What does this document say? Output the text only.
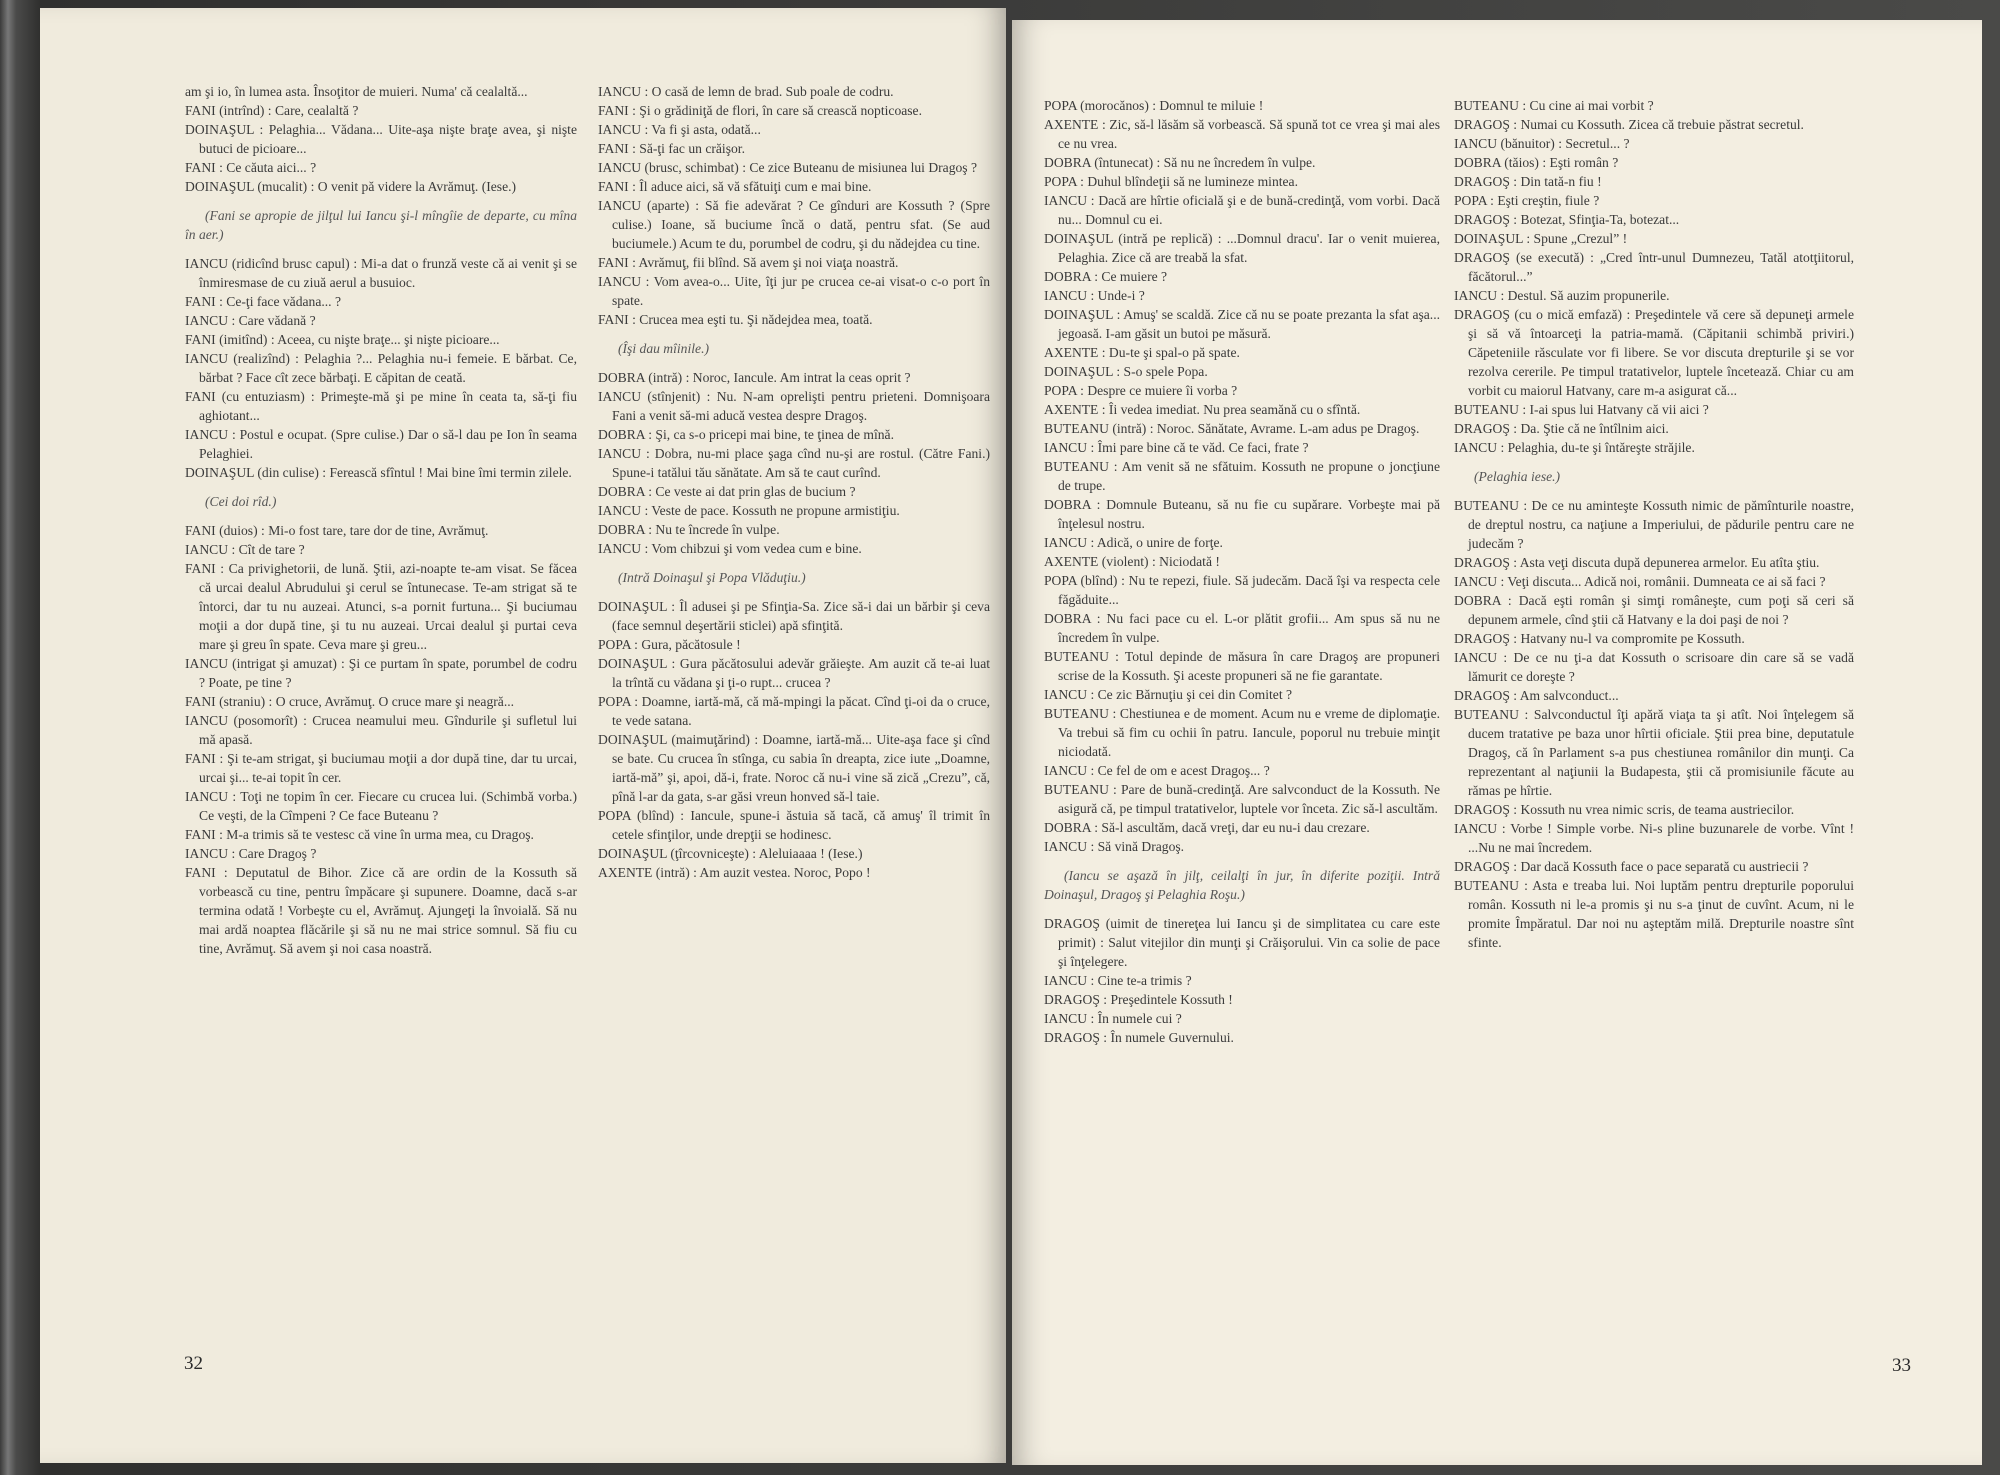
am şi io, în lumea asta. Însoţitor de muieri. Numa' că cealaltă...

FANI (intrînd) : Care, cealaltă ?

DOINAŞUL : Pelaghia... Vădana... Uite-aşa nişte braţe avea, şi nişte butuci de picioare...

FANI : Ce căuta aici... ?

DOINAŞUL (mucalit) : O venit pă videre la Avrămuţ. (Iese.)

(Fani se apropie de jilţul lui Iancu şi-l mîngîie de departe, cu mîna în aer.)

IANCU (ridicînd brusc capul) : Mi-a dat o frunză veste că ai venit şi se înmiresmase de cu ziuă aerul a busuioc.

FANI : Ce-ţi face vădana... ?

IANCU : Care vădană ?

FANI (imitînd) : Aceea, cu nişte braţe... şi nişte picioare...

IANCU (realizînd) : Pelaghia ?... Pelaghia nu-i femeie. E bărbat. Ce, bărbat ? Face cît zece bărbaţi. E căpitan de ceată.

FANI (cu entuziasm) : Primeşte-mă şi pe mine în ceata ta, să-ţi fiu aghiotant...

IANCU : Postul e ocupat. (Spre culise.) Dar o să-l dau pe Ion în seama Pelaghiei.

DOINAŞUL (din culise) : Ferească sfîntul ! Mai bine îmi termin zilele.

(Cei doi rîd.)

FANI (duios) : Mi-o fost tare, tare dor de tine, Avrămuţ.

IANCU : Cît de tare ?

FANI : Ca privighetorii, de lună. Ştii, azi-noapte te-am visat. Se făcea că urcai dealul Abrudului şi cerul se întunecase. Te-am strigat să te întorci, dar tu nu auzeai. Atunci, s-a pornit furtuna... Şi buciumau moţii a dor după tine, şi tu nu auzeai. Urcai dealul şi purtai ceva mare şi greu în spate. Ceva mare şi greu...

IANCU (intrigat şi amuzat) : Şi ce purtam în spate, porumbel de codru ? Poate, pe tine ?

FANI (straniu) : O cruce, Avrămuţ. O cruce mare şi neagră...

IANCU (posomorît) : Crucea neamului meu. Gîndurile şi sufletul lui mă apasă.

FANI : Şi te-am strigat, şi buciumau moţii a dor după tine, dar tu urcai, urcai şi... te-ai topit în cer.

IANCU : Toţi ne topim în cer. Fiecare cu crucea lui. (Schimbă vorba.) Ce veşti, de la Cîmpeni ? Ce face Buteanu ?

FANI : M-a trimis să te vestesc că vine în urma mea, cu Dragoş.

IANCU : Care Dragoş ?

FANI : Deputatul de Bihor. Zice că are ordin de la Kossuth să vorbească cu tine, pentru împăcare şi supunere. Doamne, dacă s-ar termina odată ! Vorbeşte cu el, Avrămuţ. Ajungeţi la învoială. Să nu mai ardă noaptea flăcările şi să nu ne mai strice somnul. Să fiu cu tine, Avrămuţ. Să avem şi noi casa noastră.

IANCU : O casă de lemn de brad. Sub poale de codru.

FANI : Şi o grădiniţă de flori, în care să crească nopticoase.

IANCU : Va fi şi asta, odată...

FANI : Să-ţi fac un crăişor.

IANCU (brusc, schimbat) : Ce zice Buteanu de misiunea lui Dragoş ?

FANI : Îl aduce aici, să vă sfătuiţi cum e mai bine.

IANCU (aparte) : Să fie adevărat ? Ce gînduri are Kossuth ? (Spre culise.) Ioane, să buciume încă o dată, pentru sfat. (Se aud buciumele.) Acum te du, porumbel de codru, şi du nădejdea cu tine.

FANI : Avrămuţ, fii blînd. Să avem şi noi viaţa noastră.

IANCU : Vom avea-o... Uite, îţi jur pe crucea ce-ai visat-o c-o port în spate.

FANI : Crucea mea eşti tu. Şi nădejdea mea, toată.

(Îşi dau mîinile.)

DOBRA (intră) : Noroc, Iancule. Am intrat la ceas oprit ?

IANCU (stînjenit) : Nu. N-am oprelişti pentru prieteni. Domnişoara Fani a venit să-mi aducă vestea despre Dragoş.

DOBRA : Şi, ca s-o pricepi mai bine, te ţinea de mînă.

IANCU : Dobra, nu-mi place şaga cînd nu-şi are rostul. (Către Fani.) Spune-i tatălui tău sănătate. Am să te caut curînd.

DOBRA : Ce veste ai dat prin glas de bucium ?

IANCU : Veste de pace. Kossuth ne propune armistiţiu.

DOBRA : Nu te încrede în vulpe.

IANCU : Vom chibzui şi vom vedea cum e bine.

(Intră Doinaşul şi Popa Vlăduţiu.)

DOINAŞUL : Îl adusei şi pe Sfinţia-Sa. Zice să-i dai un bărbir şi ceva (face semnul deşertării sticlei) apă sfinţită.

POPA : Gura, păcătosule !

DOINAŞUL : Gura păcătosului adevăr grăieşte. Am auzit că te-ai luat la trîntă cu vădana şi ţi-o rupt... crucea ?

POPA : Doamne, iartă-mă, că mă-mpingi la păcat. Cînd ţi-oi da o cruce, te vede satana.

DOINAŞUL (maimuţărind) : Doamne, iartă-mă... Uite-aşa face şi cînd se bate. Cu crucea în stînga, cu sabia în dreapta, zice iute „Doamne, iartă-mă” şi, apoi, dă-i, frate. Noroc că nu-i vine să zică „Crezu”, că, pînă l-ar da gata, s-ar găsi vreun honved să-l taie.

POPA (blînd) : Iancule, spune-i ăstuia să tacă, că amuş' îl trimit în cetele sfinţilor, unde drepţii se hodinesc.

DOINAŞUL (ţîrcovnicеşte) : Aleluiaaaa ! (Iese.)

AXENTE (intră) : Am auzit vestea. Noroc, Popo !

32

POPA (morocănos) : Domnul te miluie !

AXENTE : Zic, să-l lăsăm să vorbească. Să spună tot ce vrea şi mai ales ce nu vrea.

DOBRA (întunecat) : Să nu ne încredem în vulpe.

POPA : Duhul blîndeţii să ne lumineze mintea.

IANCU : Dacă are hîrtie oficială şi e de bună-credinţă, vom vorbi. Dacă nu... Domnul cu ei.

DOINAŞUL (intră pe replică) : ...Domnul dracu'. Iar o venit muierea, Pelaghia. Zice că are treabă la sfat.

DOBRA : Ce muiere ?

IANCU : Unde-i ?

DOINAŞUL : Amuş' se scaldă. Zice că nu se poate prezanta la sfat aşa... jegoasă. I-am găsit un butoi pe măsură.

AXENTE : Du-te şi spal-o pă spate.

DOINAŞUL : S-o spele Popa.

POPA : Despre ce muiere îi vorba ?

AXENTE : Îi vedea imediat. Nu prea seamănă cu o sfîntă.

BUTEANU (intră) : Noroc. Sănătate, Avrame. L-am adus pe Dragoş.

IANCU : Îmi pare bine că te văd. Ce faci, frate ?

BUTEANU : Am venit să ne sfătuim. Kossuth ne propune o joncţiune de trupe.

DOBRA : Domnule Buteanu, să nu fie cu supărare. Vorbeşte mai pă înţelesul nostru.

IANCU : Adică, o unire de forţe.

AXENTE (violent) : Niciodată !

POPA (blînd) : Nu te repezi, fiule. Să judecăm. Dacă îşi va respecta cele făgăduite...

DOBRA : Nu faci pace cu el. L-or plătit grofii... Am spus să nu ne încredem în vulpe.

BUTEANU : Totul depinde de măsura în care Dragoş are propuneri scrise de la Kossuth. Şi aceste propuneri să ne fie garantate.

IANCU : Ce zic Bărnuţiu şi cei din Comitet ?

BUTEANU : Chestiunea e de moment. Acum nu e vreme de diplomaţie. Va trebui să fim cu ochii în patru. Iancule, poporul nu trebuie minţit niciodată.

IANCU : Ce fel de om e acest Dragoş... ?

BUTEANU : Pare de bună-credinţă. Are salvconduct de la Kossuth. Ne asigură că, pe timpul tratativelor, luptele vor înceta. Zic să-l ascultăm.

DOBRA : Să-l ascultăm, dacă vreţi, dar eu nu-i dau crezare.

IANCU : Să vină Dragoş.

(Iancu se aşază în jilţ, ceilalţi în jur, în diferite poziţii. Intră Doinaşul, Dragoş şi Pelaghia Roşu.)

DRAGOŞ (uimit de tinereţea lui Iancu şi de simplitatea cu care este primit) : Salut vitejilor din munţi şi Crăişorului. Vin ca solie de pace şi înţelegere.

IANCU : Cine te-a trimis ?

DRAGOŞ : Preşedintele Kossuth !

IANCU : În numele cui ?

DRAGOŞ : În numele Guvernului.

BUTEANU : Cu cine ai mai vorbit ?

DRAGOŞ : Numai cu Kossuth. Zicea că trebuie păstrat secretul.

IANCU (bănuitor) : Secretul... ?

DOBRA (tăios) : Eşti român ?

DRAGOŞ : Din tată-n fiu !

POPA : Eşti creştin, fiule ?

DRAGOŞ : Botezat, Sfinţia-Ta, botezat...

DOINAŞUL : Spune „Crezul” !

DRAGOŞ (se execută) : „Cred într-unul Dumnezeu, Tatăl atotţiitorul, făcătorul...”

IANCU : Destul. Să auzim propunerile.

DRAGOŞ (cu o mică emfază) : Preşedintele vă cere să depuneţi armele şi să vă întoarceţi la patria-mamă. (Căpitanii schimbă priviri.) Căpeteniile răsculate vor fi libere. Se vor discuta drepturile şi se vor rezolva cererile. Pe timpul tratativelor, luptele încetează. Chiar cu am vorbit cu maiorul Hatvany, care m-a asigurat că...

BUTEANU : I-ai spus lui Hatvany că vii aici ?

DRAGOŞ : Da. Ştie că ne întîlnim aici.

IANCU : Pelaghia, du-te şi întăreşte străjile.

(Pelaghia iese.)

BUTEANU : De ce nu aminteşte Kossuth nimic de pămînturile noastre, de dreptul nostru, ca naţiune a Imperiului, de pădurile pentru care ne judecăm ?

DRAGOŞ : Asta veţi discuta după depunerea armelor. Eu atîta ştiu.

IANCU : Veţi discuta... Adică noi, românii. Dumneata ce ai să faci ?

DOBRA : Dacă eşti român şi simţi româneşte, cum poţi să ceri să depunem armele, cînd ştii că Hatvany e la doi paşi de noi ?

DRAGOŞ : Hatvany nu-l va compromite pe Kossuth.

IANCU : De ce nu ţi-a dat Kossuth o scrisoare din care să se vadă lămurit ce doreşte ?

DRAGOŞ : Am salvconduct...

BUTEANU : Salvconductul îţi apără viaţa ta şi atît. Noi înţelegem să ducem tratative pe baza unor hîrtii oficiale. Ştii prea bine, deputatule Dragoş, că în Parlament s-a pus chestiunea românilor din munţi. Ca reprezentant al naţiunii la Budapesta, ştii că promisiunile făcute au rămas pe hîrtie.

DRAGOŞ : Kossuth nu vrea nimic scris, de teama austriecilor.

IANCU : Vorbe ! Simple vorbe. Ni-s pline buzunarele de vorbe. Vînt ! ...Nu ne mai încredem.

DRAGOŞ : Dar dacă Kossuth face o pace separată cu austriecii ?

BUTEANU : Asta e treaba lui. Noi luptăm pentru drepturile poporului român. Kossuth ni le-a promis şi nu s-a ţinut de cuvînt. Acum, ni le promite Împăratul. Dar noi nu aşteptăm milă. Drepturile noastre sînt sfinte.

33
